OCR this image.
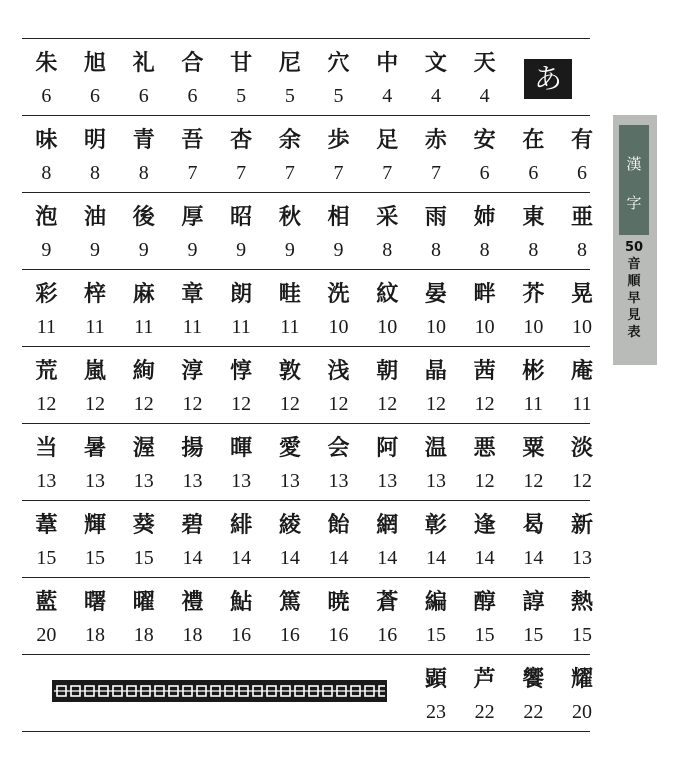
朱
6
旭
6
礼
6
合
6
甘
5
尼
5
穴
5
中
4
文
4
天
4
あ
味
8
明
8
青
8
吾
7
杏
7
余
7
歩
7
足
7
赤
7
安
6
在
6
有
6
泡
9
油
9
後
9
厚
9
昭
9
秋
9
相
9
采
8
雨
8
姉
8
東
8
亜
8
彩
11
梓
11
麻
11
章
11
朗
11
畦
11
洗
10
紋
10
晏
10
畔
10
芥
10
晃
10
荒
12
嵐
12
絢
12
淳
12
惇
12
敦
12
浅
12
朝
12
晶
12
茜
12
彬
11
庵
11
当
13
暑
13
渥
13
揚
13
暉
13
愛
13
会
13
阿
13
温
13
悪
12
粟
12
淡
12
葦
15
輝
15
葵
15
碧
14
緋
14
綾
14
飴
14
網
14
彰
14
逢
14
曷
14
新
13
藍
20
曙
18
曜
18
禮
18
鮎
16
篤
16
暁
16
蒼
16
編
15
醇
15
諄
15
熱
15
顕
23
芦
22
饗
22
耀
20
漢
字
50
音
順
早
見
表
